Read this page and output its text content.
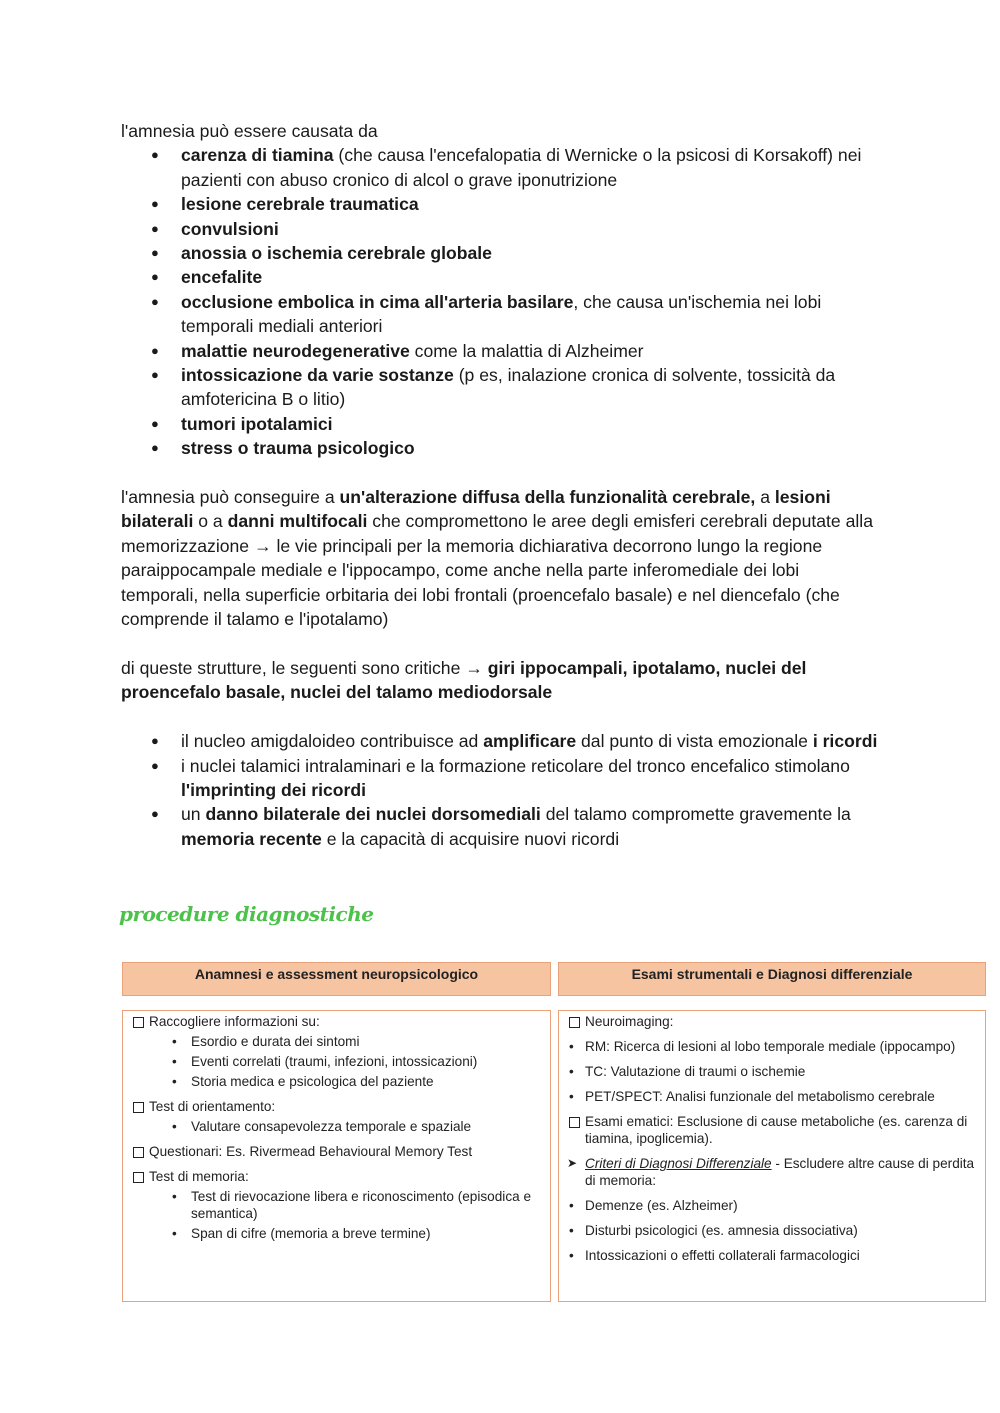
l'amnesia può essere causata da

● carenza di tiamina (che causa l'encefalopatia di Wernicke o la psicosi di Korsakoff) nei pazienti con abuso cronico di alcol o grave iponutrizione
● lesione cerebrale traumatica
● convulsioni
● anossia o ischemia cerebrale globale
● encefalite
● occlusione embolica in cima all'arteria basilare, che causa un'ischemia nei lobi temporali mediali anteriori
● malattie neurodegenerative come la malattia di Alzheimer
● intossicazione da varie sostanze (p es, inalazione cronica di solvente, tossicità da amfotericina B o litio)
● tumori ipotalamici
● stress o trauma psicologico

l'amnesia può conseguire a un'alterazione diffusa della funzionalità cerebrale, a lesioni bilaterali o a danni multifocali che compromettono le aree degli emisferi cerebrali deputate alla memorizzazione → le vie principali per la memoria dichiarativa decorrono lungo la regione paraippocampale mediale e l'ippocampo, come anche nella parte inferomediale dei lobi temporali, nella superficie orbitaria dei lobi frontali (proencefalo basale) e nel diencefalo (che comprende il talamo e l'ipotalamo)

di queste strutture, le seguenti sono critiche → giri ippocampali, ipotalamo, nuclei del proencefalo basale, nuclei del talamo mediodorsale

● il nucleo amigdaloideo contribuisce ad amplificare dal punto di vista emozionale i ricordi
● i nuclei talamici intralaminari e la formazione reticolare del tronco encefalico stimolano l'imprinting dei ricordi
● un danno bilaterale dei nuclei dorsomediali del talamo compromette gravemente la memoria recente e la capacità di acquisire nuovi ricordi
procedure diagnostiche
Anamnesi e assessment neuropsicologico	Esami strumentali e Diagnosi differenziale
Raccogliere informazioni su:
• Esordio e durata dei sintomi
• Eventi correlati (traumi, infezioni, intossicazioni)
• Storia medica e psicologica del paziente
Test di orientamento:
• Valutare consapevolezza temporale e spaziale
Questionari: Es. Rivermead Behavioural Memory Test
Test di memoria:
• Test di rievocazione libera e riconoscimento (episodica e semantica)
• Span di cifre (memoria a breve termine)
Neuroimaging:
• RM: Ricerca di lesioni al lobo temporale mediale (ippocampo)
• TC: Valutazione di traumi o ischemie
• PET/SPECT: Analisi funzionale del metabolismo cerebrale
Esami ematici: Esclusione di cause metaboliche (es. carenza di tiamina, ipoglicemia).
➤ Criteri di Diagnosi Differenziale - Escludere altre cause di perdita di memoria:
• Demenze (es. Alzheimer)
• Disturbi psicologici (es. amnesia dissociativa)
• Intossicazioni o effetti collaterali farmacologici
